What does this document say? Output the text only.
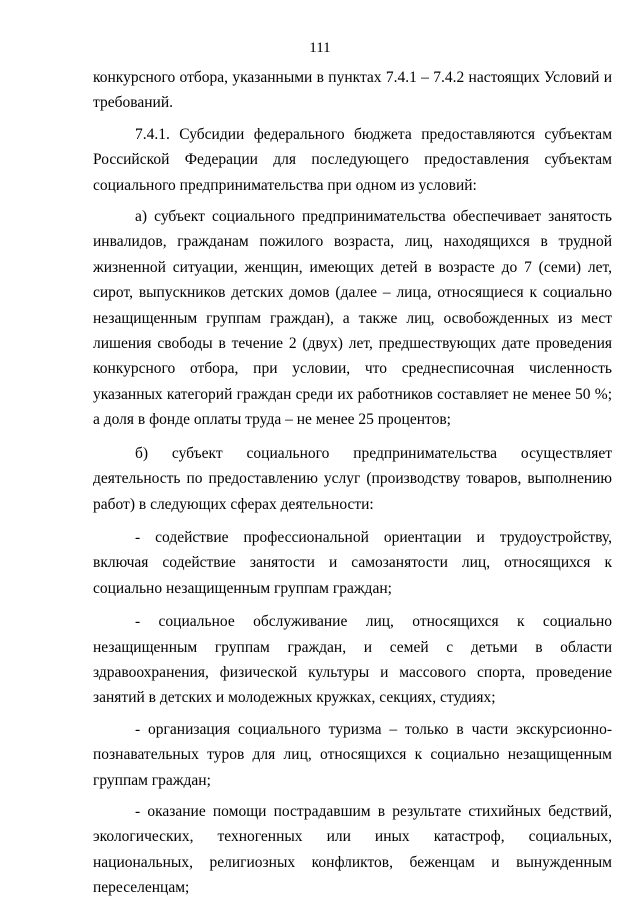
111

конкурсного отбора, указанными в пунктах 7.4.1 – 7.4.2 настоящих Условий и требований.

7.4.1. Субсидии федерального бюджета предоставляются субъектам Российской Федерации для последующего предоставления субъектам социального предпринимательства при одном из условий:

а) субъект социального предпринимательства обеспечивает занятость инвалидов, гражданам пожилого возраста, лиц, находящихся в трудной жизненной ситуации, женщин, имеющих детей в возрасте до 7 (семи) лет, сирот, выпускников детских домов (далее – лица, относящиеся к социально незащищенным группам граждан), а также лиц, освобожденных из мест лишения свободы в течение 2 (двух) лет, предшествующих дате проведения конкурсного отбора, при условии, что среднесписочная численность указанных категорий граждан среди их работников составляет не менее 50 %; а доля в фонде оплаты труда – не менее 25 процентов;

б) субъект социального предпринимательства осуществляет деятельность по предоставлению услуг (производству товаров, выполнению работ) в следующих сферах деятельности:

- содействие профессиональной ориентации и трудоустройству, включая содействие занятости и самозанятости лиц, относящихся к социально незащищенным группам граждан;

- социальное обслуживание лиц, относящихся к социально незащищенным группам граждан, и семей с детьми в области здравоохранения, физической культуры и массового спорта, проведение занятий в детских и молодежных кружках, секциях, студиях;

- организация социального туризма – только в части экскурсионно-познавательных туров для лиц, относящихся к социально незащищенным группам граждан;

- оказание помощи пострадавшим в результате стихийных бедствий, экологических, техногенных или иных катастроф, социальных, национальных, религиозных конфликтов, беженцам и вынужденным переселенцам;
